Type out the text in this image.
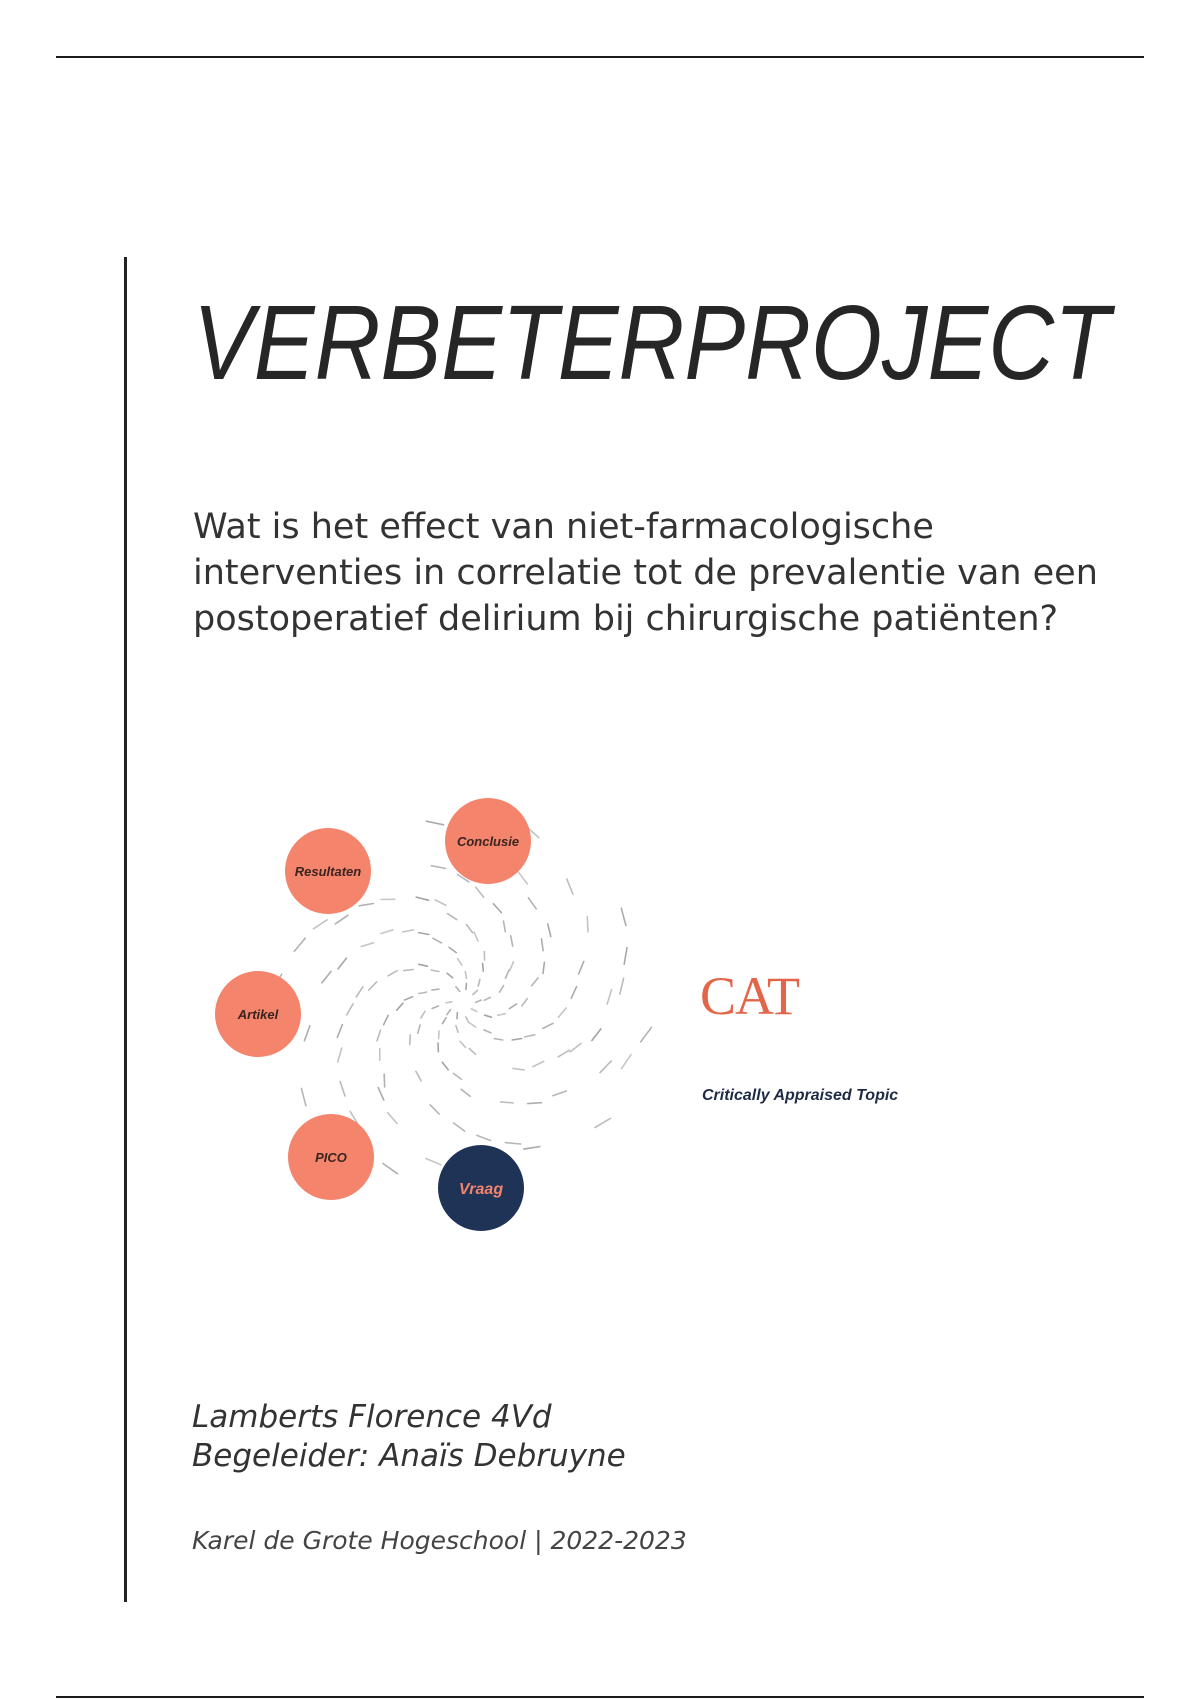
VERBETERPROJECT
Wat is het effect van niet-farmacologische
interventies in correlatie tot de prevalentie van een
postoperatief delirium bij chirurgische patiënten?
Conclusie
Resultaten
Artikel
PICO
Vraag
CAT
Critically Appraised Topic
Lamberts Florence 4Vd
Begeleider: Anaïs Debruyne
Karel de Grote Hogeschool | 2022-2023
